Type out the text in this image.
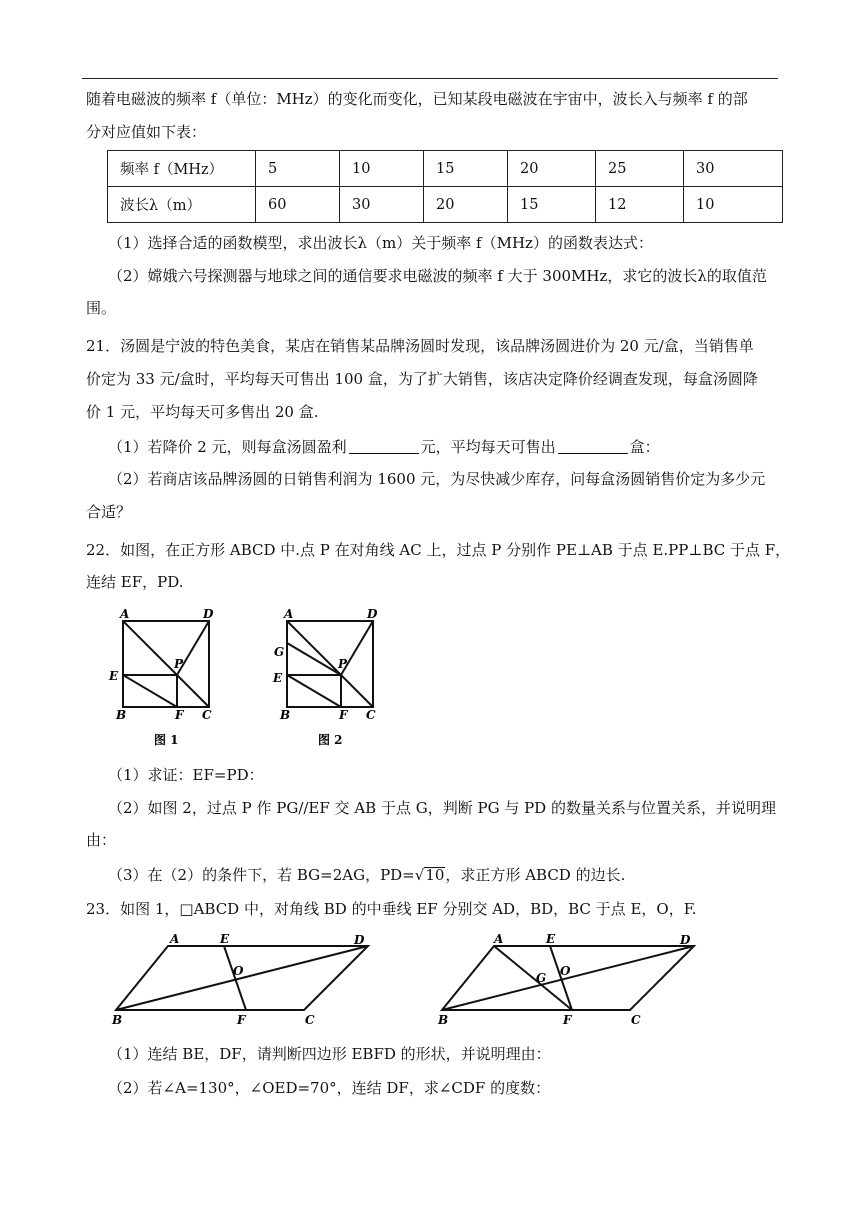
随着电磁波的频率 f（单位：MHz）的变化而变化，已知某段电磁波在宇宙中，波长入与频率 f 的部
分对应值如下表：
频率 f（MHz）	5	10	15	20	25	30
波长λ（m）	60	30	20	15	12	10
（1）选择合适的函数模型，求出波长λ（m）关于频率 f（MHz）的函数表达式：
（2）嫦娥六号探测器与地球之间的通信要求电磁波的频率 f 大于 300MHz，求它的波长λ的取值范
围。
21．汤圆是宁波的特色美食，某店在销售某品牌汤圆时发现，该品牌汤圆进价为 20 元/盒，当销售单
价定为 33 元/盒时，平均每天可售出 100 盒，为了扩大销售，该店决定降价经调查发现，每盒汤圆降
价 1 元，平均每天可多售出 20 盒.
（1）若降价 2 元，则每盒汤圆盈利	元，平均每天可售出	盒：
（2）若商店该品牌汤圆的日销售利润为 1600 元，为尽快减少库存，问每盒汤圆销售价定为多少元
合适？
22．如图，在正方形 ABCD 中.点 P 在对角线 AC 上，过点 P 分别作 PE⊥AB 于点 E.PP⊥BC 于点 F，
连结 EF，PD.
A	D
E
P
B	F C
图 1
A	D
G
E
P
B	F C
图 2
（1）求证：EF=PD：
（2）如图 2，过点 P 作 PG//EF 交 AB 于点 G，判断 PG 与 PD 的数量关系与位置关系，并说明理
由：
（3）在（2）的条件下，若 BG=2AG，PD=√10，求正方形 ABCD 的边长.
23．如图 1，□ABCD 中，对角线 BD 的中垂线 EF 分别交 AD，BD，BC 于点 E，O，F.
A	E	D
O
B	F	C
A	E	D
G O
B	F	C
（1）连结 BE，DF，请判断四边形 EBFD 的形状，并说明理由：
（2）若∠A=130°，∠OED=70°，连结 DF，求∠CDF 的度数：
